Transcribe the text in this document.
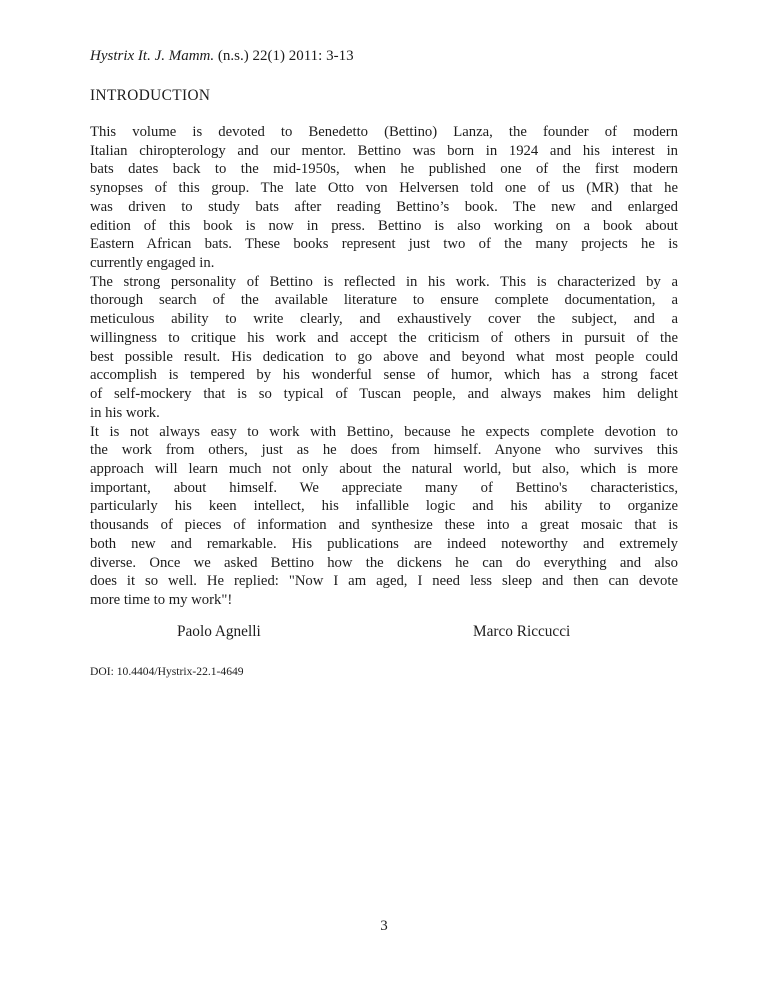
Hystrix It. J. Mamm. (n.s.) 22(1) 2011: 3-13
INTRODUCTION
This volume is devoted to Benedetto (Bettino) Lanza, the founder of modern
Italian chiropterology and our mentor. Bettino was born in 1924 and his interest in
bats dates back to the mid-1950s, when he published one of the first modern
synopses of this group. The late Otto von Helversen told one of us (MR) that he
was driven to study bats after reading Bettino’s book. The new and enlarged
edition of this book is now in press. Bettino is also working on a book about
Eastern African bats. These books represent just two of the many projects he is
currently engaged in.
The strong personality of Bettino is reflected in his work. This is characterized by a
thorough search of the available literature to ensure complete documentation, a
meticulous ability to write clearly, and exhaustively cover the subject, and a
willingness to critique his work and accept the criticism of others in pursuit of the
best possible result. His dedication to go above and beyond what most people could
accomplish is tempered by his wonderful sense of humor, which has a strong facet
of self-mockery that is so typical of Tuscan people, and always makes him delight
in his work.
It is not always easy to work with Bettino, because he expects complete devotion to
the work from others, just as he does from himself. Anyone who survives this
approach will learn much not only about the natural world, but also, which is more
important, about himself. We appreciate many of Bettino's characteristics,
particularly his keen intellect, his infallible logic and his ability to organize
thousands of pieces of information and synthesize these into a great mosaic that is
both new and remarkable. His publications are indeed noteworthy and extremely
diverse. Once we asked Bettino how the dickens he can do everything and also
does it so well. He replied: "Now I am aged, I need less sleep and then can devote
more time to my work"!
Paolo Agnelli	Marco Riccucci
DOI: 10.4404/Hystrix-22.1-4649
3
